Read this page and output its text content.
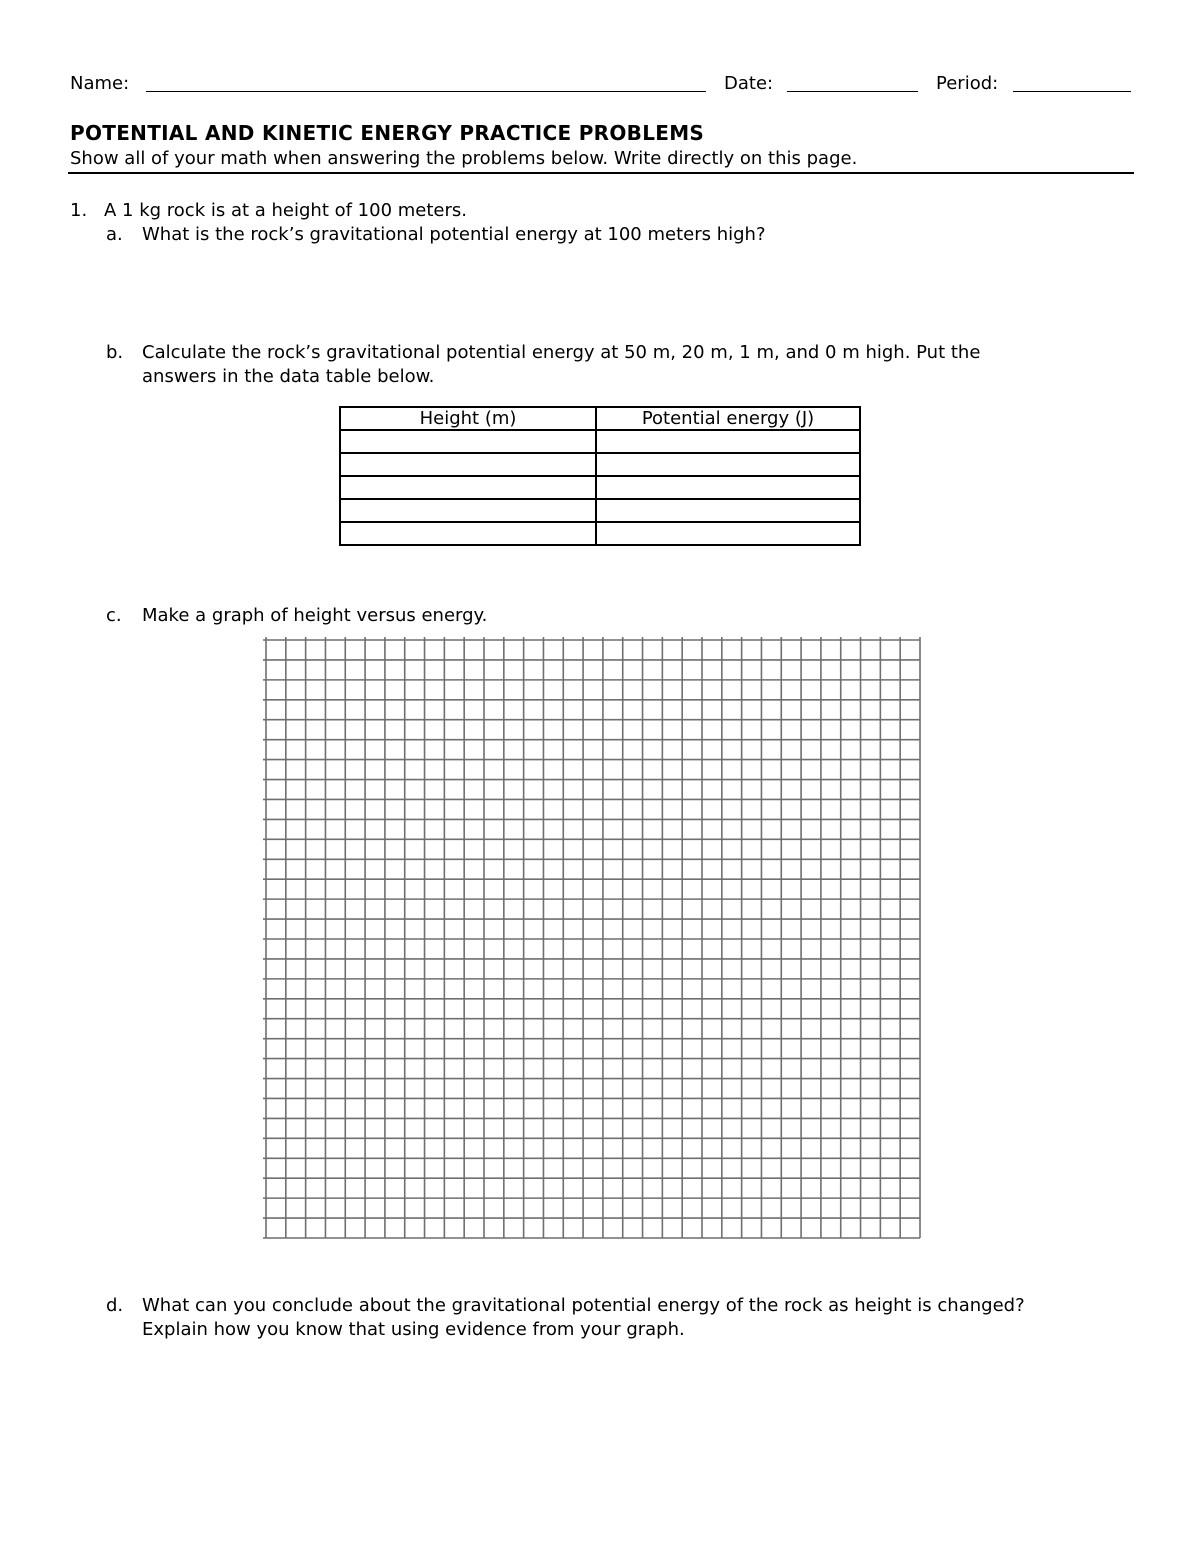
Name:	Date:	Period:
POTENTIAL AND KINETIC ENERGY PRACTICE PROBLEMS
Show all of your math when answering the problems below. Write directly on this page.
1. A 1 kg rock is at a height of 100 meters.
a. What is the rock’s gravitational potential energy at 100 meters high?
b. Calculate the rock’s gravitational potential energy at 50 m, 20 m, 1 m, and 0 m high. Put the
answers in the data table below.
Height (m)	Potential energy (J)

c. Make a graph of height versus energy.
d. What can you conclude about the gravitational potential energy of the rock as height is changed?
Explain how you know that using evidence from your graph.
